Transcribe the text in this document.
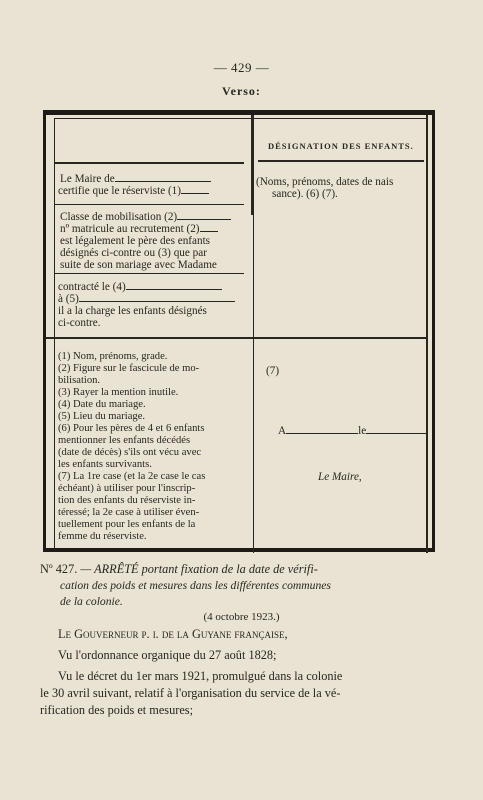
— 429 —
Verso:
DÉSIGNATION DES ENFANTS.
Le Maire de
certifie que le réserviste (1)
(Noms, prénoms, dates de nais
sance). (6) (7).
Classe de mobilisation (2)
nº matricule au recrutement (2)
est légalement le père des enfants
désignés ci-contre ou (3) que par
suite de son mariage avec Madame
contracté le (4)
à (5)
il a la charge les enfants désignés
ci-contre.
(1) Nom, prénoms, grade.
(2) Figure sur le fascicule de mo-
bilisation.
(3) Rayer la mention inutile.
(4) Date du mariage.
(5) Lieu du mariage.
(6) Pour les pères de 4 et 6 enfants
mentionner les enfants décédés
(date de décès) s'ils ont vécu avec
les enfants survivants.
(7) La 1re case (et la 2e case le cas
échéant) à utiliser pour l'inscrip-
tion des enfants du réserviste in-
téressé; la 2e case à utiliser éven-
tuellement pour les enfants de la
femme du réserviste.
(7)
A	le
Le Maire,
Nº 427. — ARRÊTÉ portant fixation de la date de vérifi-
cation des poids et mesures dans les différentes communes
de la colonie.
(4 octobre 1923.)
Le Gouverneur p. i. de la Guyane française,
Vu l'ordonnance organique du 27 août 1828;
Vu le décret du 1er mars 1921, promulgué dans la colonie
le 30 avril suivant, relatif à l'organisation du service de la vé-
rification des poids et mesures;
